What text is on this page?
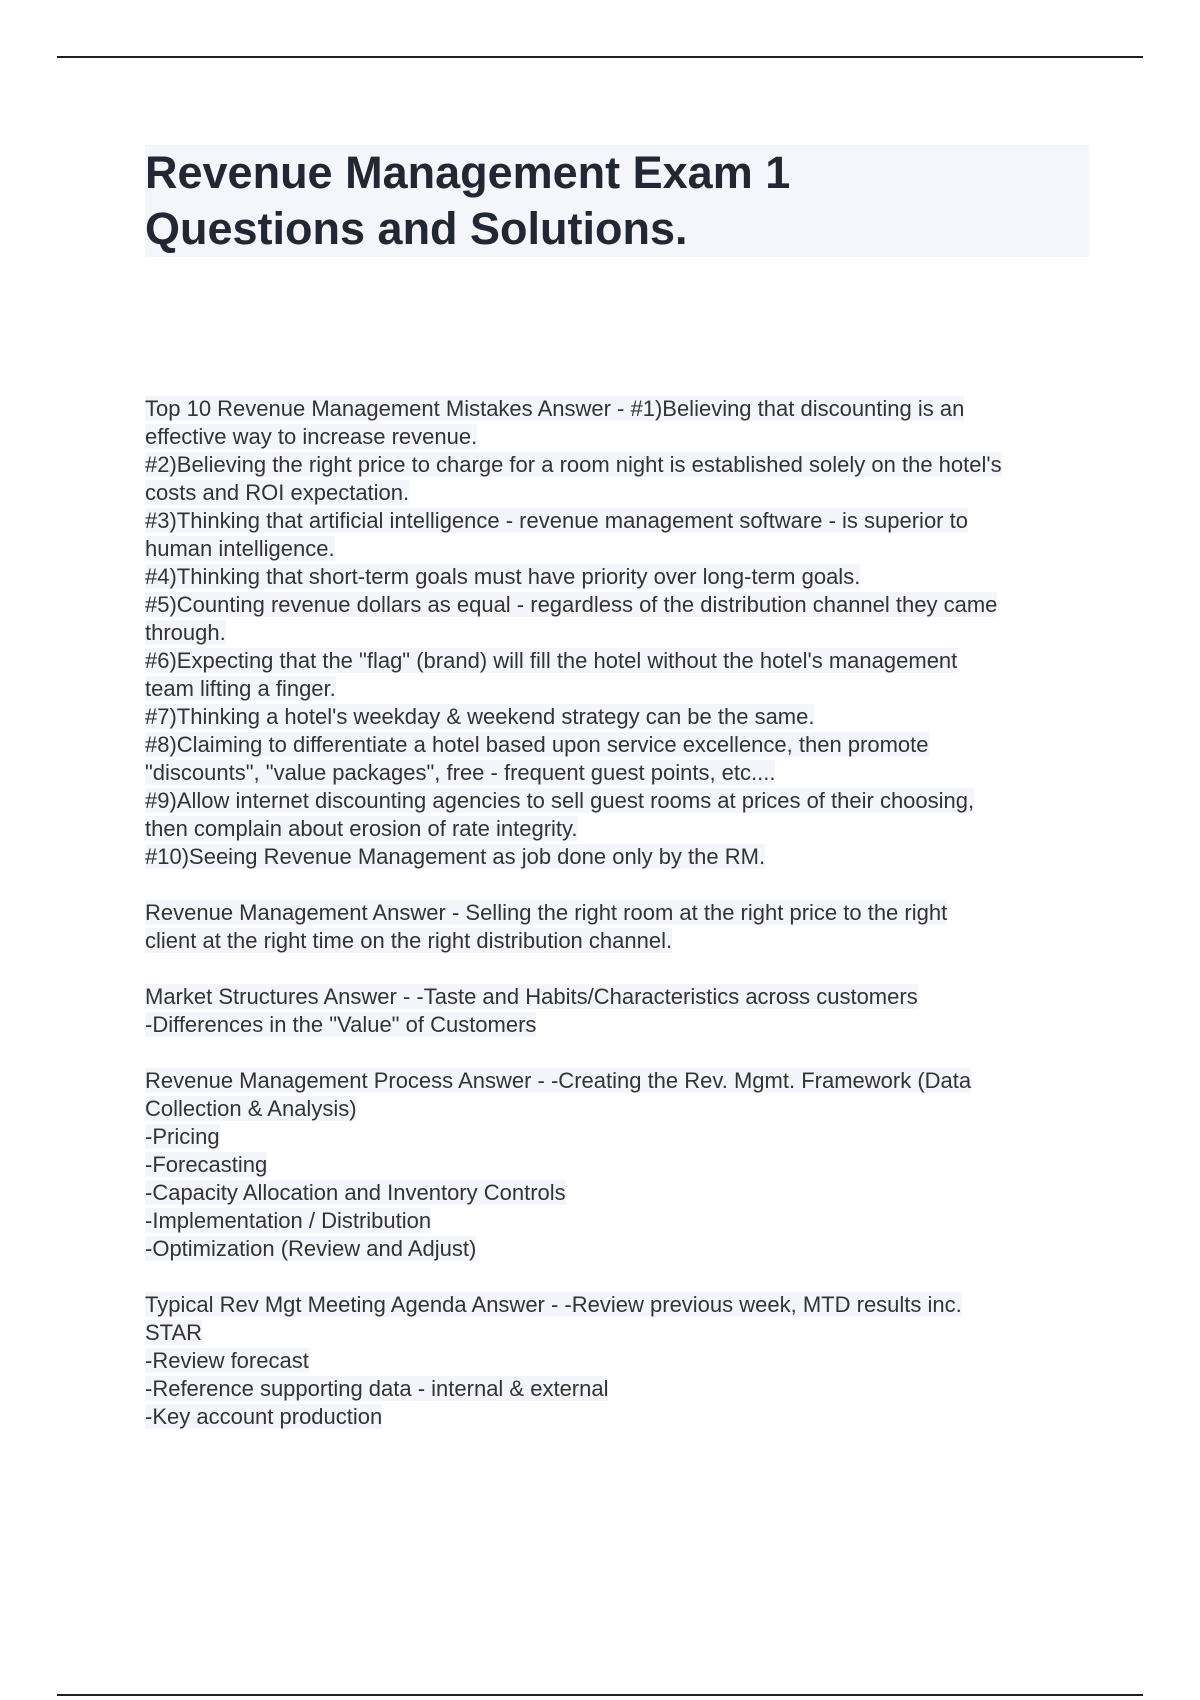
Revenue Management Exam 1
Questions and Solutions.
Top 10 Revenue Management Mistakes Answer - #1)Believing that discounting is an
effective way to increase revenue.
#2)Believing the right price to charge for a room night is established solely on the hotel's
costs and ROI expectation.
#3)Thinking that artificial intelligence - revenue management software - is superior to
human intelligence.
#4)Thinking that short-term goals must have priority over long-term goals.
#5)Counting revenue dollars as equal - regardless of the distribution channel they came
through.
#6)Expecting that the "flag" (brand) will fill the hotel without the hotel's management
team lifting a finger.
#7)Thinking a hotel's weekday & weekend strategy can be the same.
#8)Claiming to differentiate a hotel based upon service excellence, then promote
"discounts", "value packages", free - frequent guest points, etc....
#9)Allow internet discounting agencies to sell guest rooms at prices of their choosing,
then complain about erosion of rate integrity.
#10)Seeing Revenue Management as job done only by the RM.
Revenue Management Answer - Selling the right room at the right price to the right
client at the right time on the right distribution channel.
Market Structures Answer - -Taste and Habits/Characteristics across customers
-Differences in the "Value" of Customers
Revenue Management Process Answer - -Creating the Rev. Mgmt. Framework (Data
Collection & Analysis)
-Pricing
-Forecasting
-Capacity Allocation and Inventory Controls
-Implementation / Distribution
-Optimization (Review and Adjust)
Typical Rev Mgt Meeting Agenda Answer - -Review previous week, MTD results inc.
STAR
-Review forecast
-Reference supporting data - internal & external
-Key account production
